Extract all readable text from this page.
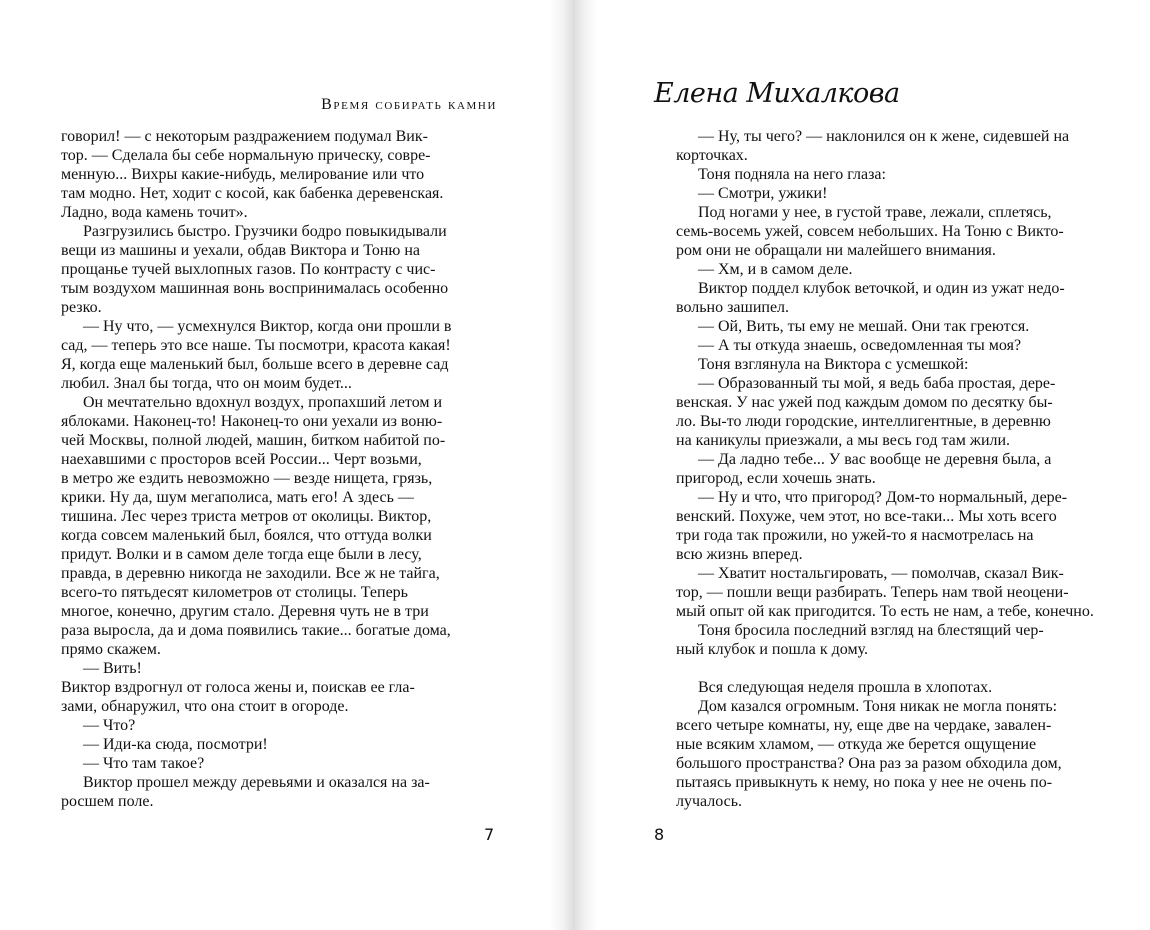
Время собирать камни

говорил! — с некоторым раздражением подумал Вик-
тор. — Сделала бы себе нормальную прическу, совре-
менную... Вихры какие-нибудь, мелирование или что
там модно. Нет, ходит с косой, как бабенка деревенская.
Ладно, вода камень точит».

Разгрузились быстро. Грузчики бодро повыкидывали
вещи из машины и уехали, обдав Виктора и Тоню на
прощанье тучей выхлопных газов. По контрасту с чис-
тым воздухом машинная вонь воспринималась особенно
резко.

— Ну что, — усмехнулся Виктор, когда они прошли в
сад, — теперь это все наше. Ты посмотри, красота какая!
Я, когда еще маленький был, больше всего в деревне сад
любил. Знал бы тогда, что он моим будет...

Он мечтательно вдохнул воздух, пропахший летом и
яблоками. Наконец-то! Наконец-то они уехали из воню-
чей Москвы, полной людей, машин, битком набитой по-
наехавшими с просторов всей России... Черт возьми,
в метро же ездить невозможно — везде нищета, грязь,
крики. Ну да, шум мегаполиса, мать его! А здесь —
тишина. Лес через триста метров от околицы. Виктор,
когда совсем маленький был, боялся, что оттуда волки
придут. Волки и в самом деле тогда еще были в лесу,
правда, в деревню никогда не заходили. Все ж не тайга,
всего-то пятьдесят километров от столицы. Теперь
многое, конечно, другим стало. Деревня чуть не в три
раза выросла, да и дома появились такие... богатые дома,
прямо скажем.

— Вить!

Виктор вздрогнул от голоса жены и, поискав ее гла-
зами, обнаружил, что она стоит в огороде.

— Что?

— Иди-ка сюда, посмотри!

— Что там такое?

Виктор прошел между деревьями и оказался на за-
росшем поле.

7
Елена Михалкова

— Ну, ты чего? — наклонился он к жене, сидевшей на
корточках.

Тоня подняла на него глаза:

— Смотри, ужики!

Под ногами у нее, в густой траве, лежали, сплетясь,
семь-восемь ужей, совсем небольших. На Тоню с Викто-
ром они не обращали ни малейшего внимания.

— Хм, и в самом деле.

Виктор поддел клубок веточкой, и один из ужат недо-
вольно зашипел.

— Ой, Вить, ты ему не мешай. Они так греются.

— А ты откуда знаешь, осведомленная ты моя?

Тоня взглянула на Виктора с усмешкой:

— Образованный ты мой, я ведь баба простая, дере-
венская. У нас ужей под каждым домом по десятку бы-
ло. Вы-то люди городские, интеллигентные, в деревню
на каникулы приезжали, а мы весь год там жили.

— Да ладно тебе... У вас вообще не деревня была, а
пригород, если хочешь знать.

— Ну и что, что пригород? Дом-то нормальный, дере-
венский. Похуже, чем этот, но все-таки... Мы хоть всего
три года так прожили, но ужей-то я насмотрелась на
всю жизнь вперед.

— Хватит ностальгировать, — помолчав, сказал Вик-
тор, — пошли вещи разбирать. Теперь нам твой неоцени-
мый опыт ой как пригодится. То есть не нам, а тебе, конечно.

Тоня бросила последний взгляд на блестящий чер-
ный клубок и пошла к дому.

Вся следующая неделя прошла в хлопотах.

Дом казался огромным. Тоня никак не могла понять:
всего четыре комнаты, ну, еще две на чердаке, завален-
ные всяким хламом, — откуда же берется ощущение
большого пространства? Она раз за разом обходила дом,
пытаясь привыкнуть к нему, но пока у нее не очень по-
лучалось.

8
